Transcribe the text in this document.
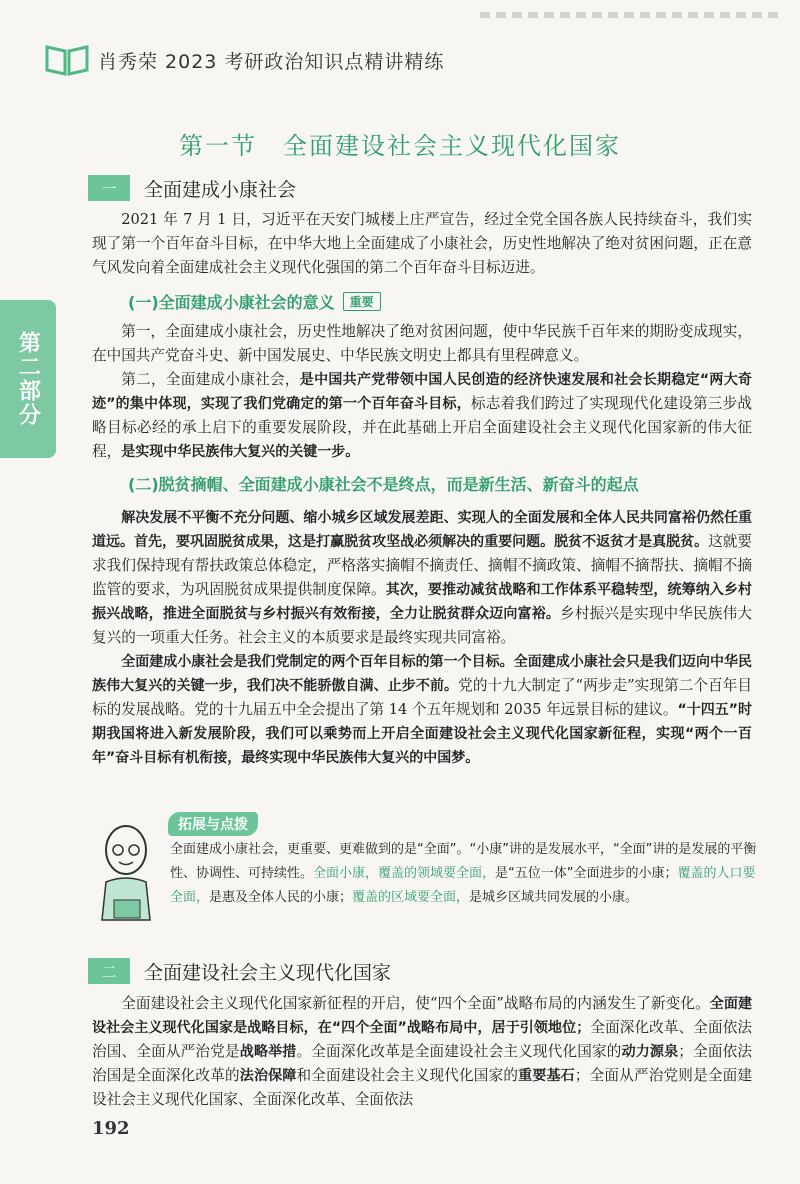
肖秀荣 2023 考研政治知识点精讲精练
第二部分
第一节　全面建设社会主义现代化国家
一	全面建成小康社会

2021 年 7 月 1 日，习近平在天安门城楼上庄严宣告，经过全党全国各族人民持续奋斗，我们实现了第一个百年奋斗目标，在中华大地上全面建成了小康社会，历史性地解决了绝对贫困问题，正在意气风发向着全面建成社会主义现代化强国的第二个百年奋斗目标迈进。

(一)全面建成小康社会的意义	重要

第一，全面建成小康社会，历史性地解决了绝对贫困问题，使中华民族千百年来的期盼变成现实，在中国共产党奋斗史、新中国发展史、中华民族文明史上都具有里程碑意义。

第二，全面建成小康社会，是中国共产党带领中国人民创造的经济快速发展和社会长期稳定“两大奇迹”的集中体现，实现了我们党确定的第一个百年奋斗目标，标志着我们跨过了实现现代化建设第三步战略目标必经的承上启下的重要发展阶段，并在此基础上开启全面建设社会主义现代化国家新的伟大征程，是实现中华民族伟大复兴的关键一步。

(二)脱贫摘帽、全面建成小康社会不是终点，而是新生活、新奋斗的起点

解决发展不平衡不充分问题、缩小城乡区域发展差距、实现人的全面发展和全体人民共同富裕仍然任重道远。首先，要巩固脱贫成果，这是打赢脱贫攻坚战必须解决的重要问题。脱贫不返贫才是真脱贫。这就要求我们保持现有帮扶政策总体稳定，严格落实摘帽不摘责任、摘帽不摘政策、摘帽不摘帮扶、摘帽不摘监管的要求，为巩固脱贫成果提供制度保障。其次，要推动减贫战略和工作体系平稳转型，统筹纳入乡村振兴战略，推进全面脱贫与乡村振兴有效衔接，全力让脱贫群众迈向富裕。乡村振兴是实现中华民族伟大复兴的一项重大任务。社会主义的本质要求是最终实现共同富裕。

全面建成小康社会是我们党制定的两个百年目标的第一个目标。全面建成小康社会只是我们迈向中华民族伟大复兴的关键一步，我们决不能骄傲自满、止步不前。党的十九大制定了“两步走”实现第二个百年目标的发展战略。党的十九届五中全会提出了第 14 个五年规划和 2035 年远景目标的建议。“十四五”时期我国将进入新发展阶段，我们可以乘势而上开启全面建设社会主义现代化国家新征程，实现“两个一百年”奋斗目标有机衔接，最终实现中华民族伟大复兴的中国梦。

拓展与点拨

全面建成小康社会，更重要、更难做到的是“全面”。“小康”讲的是发展水平，“全面”讲的是发展的平衡性、协调性、可持续性。全面小康，覆盖的领域要全面，是“五位一体”全面进步的小康；覆盖的人口要全面，是惠及全体人民的小康；覆盖的区域要全面，是城乡区域共同发展的小康。

二	全面建设社会主义现代化国家

全面建设社会主义现代化国家新征程的开启，使“四个全面”战略布局的内涵发生了新变化。全面建设社会主义现代化国家是战略目标，在“四个全面”战略布局中，居于引领地位；全面深化改革、全面依法治国、全面从严治党是战略举措。全面深化改革是全面建设社会主义现代化国家的动力源泉；全面依法治国是全面深化改革的法治保障和全面建设社会主义现代化国家的重要基石；全面从严治党则是全面建设社会主义现代化国家、全面深化改革、全面依法

192
